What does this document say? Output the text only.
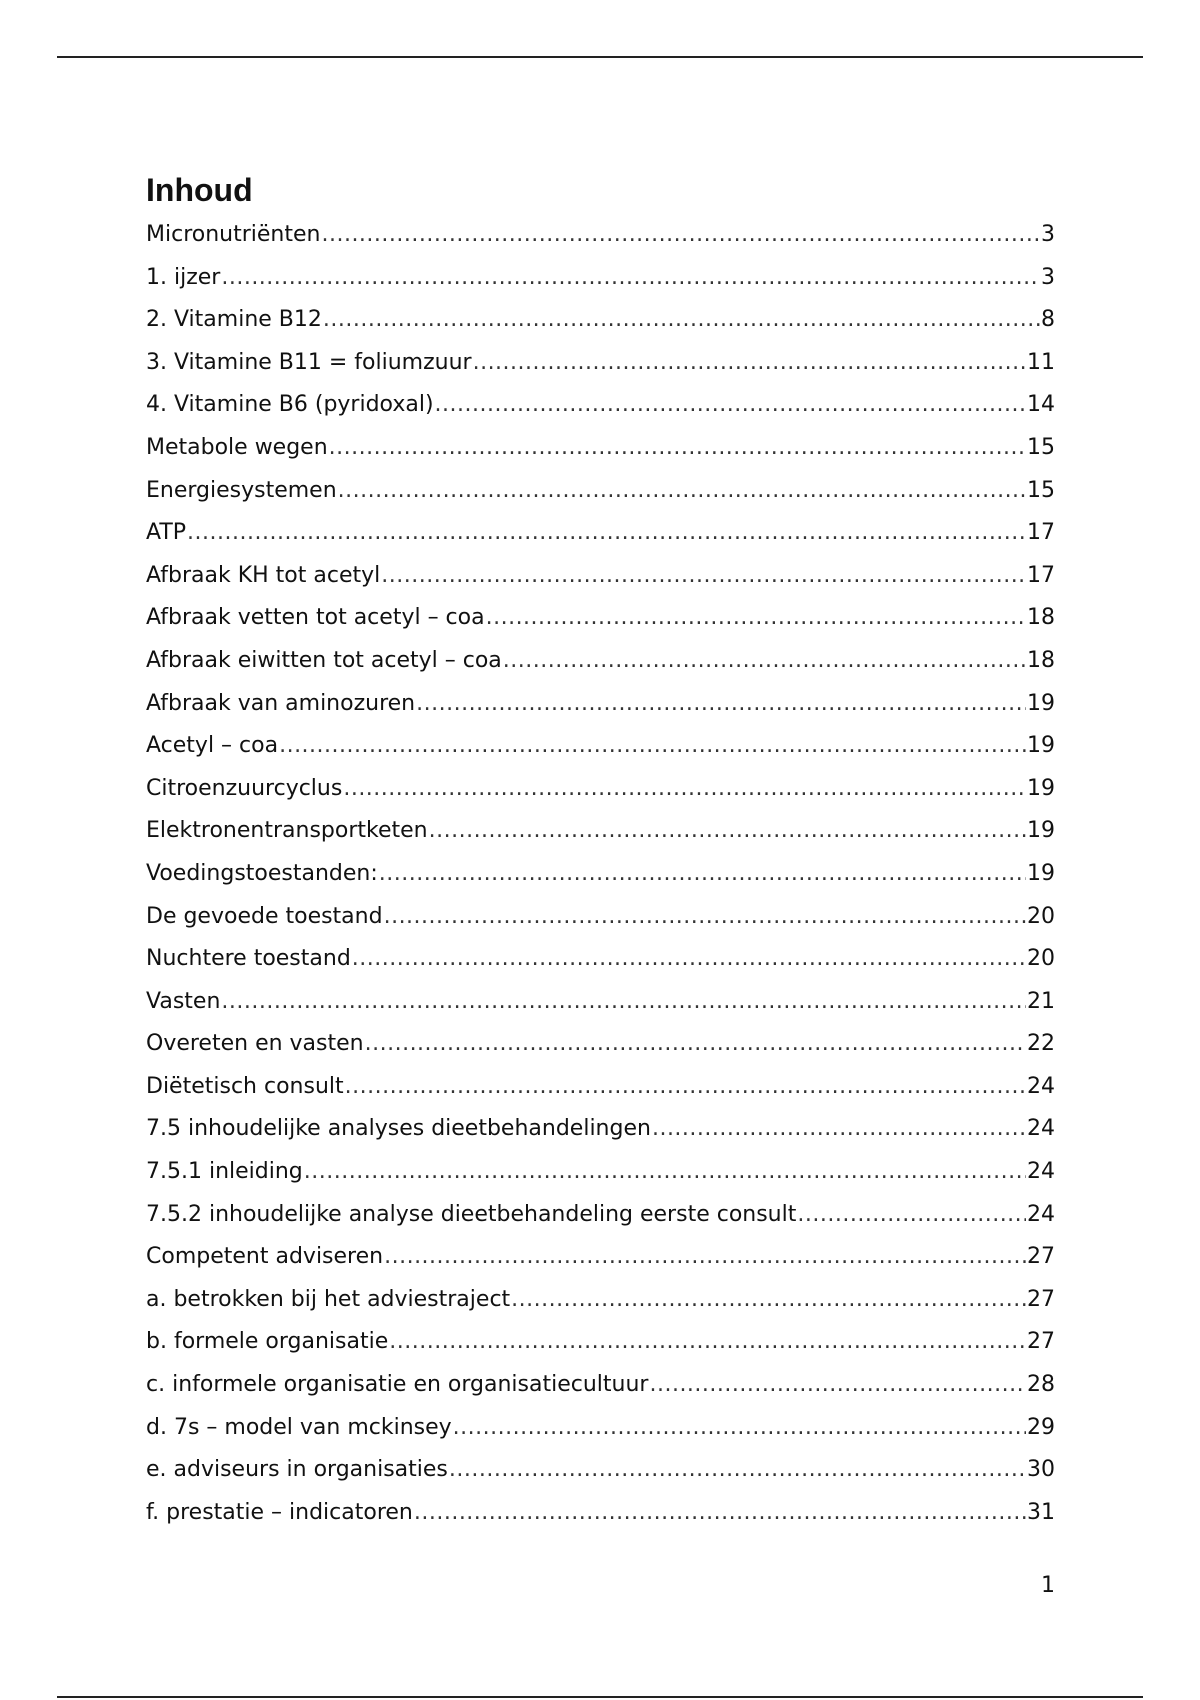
Inhoud
Micronutriënten .....	3
1. ijzer .....	3
2. Vitamine B12 .....	8
3. Vitamine B11 = foliumzuur .....	11
4. Vitamine B6 (pyridoxal) .....	14
Metabole wegen .....	15
Energiesystemen .....	15
ATP .....	17
Afbraak KH tot acetyl .....	17
Afbraak vetten tot acetyl – coa .....	18
Afbraak eiwitten tot acetyl – coa .....	18
Afbraak van aminozuren .....	19
Acetyl – coa .....	19
Citroenzuurcyclus .....	19
Elektronentransportketen .....	19
Voedingstoestanden: .....	19
De gevoede toestand .....	20
Nuchtere toestand .....	20
Vasten .....	21
Overeten en vasten .....	22
Diëtetisch consult .....	24
7.5 inhoudelijke analyses dieetbehandelingen .....	24
7.5.1 inleiding .....	24
7.5.2 inhoudelijke analyse dieetbehandeling eerste consult .....	24
Competent adviseren .....	27
a. betrokken bij het adviestraject .....	27
b. formele organisatie .....	27
c. informele organisatie en organisatiecultuur .....	28
d. 7s – model van mckinsey .....	29
e. adviseurs in organisaties .....	30
f. prestatie – indicatoren .....	31
1
